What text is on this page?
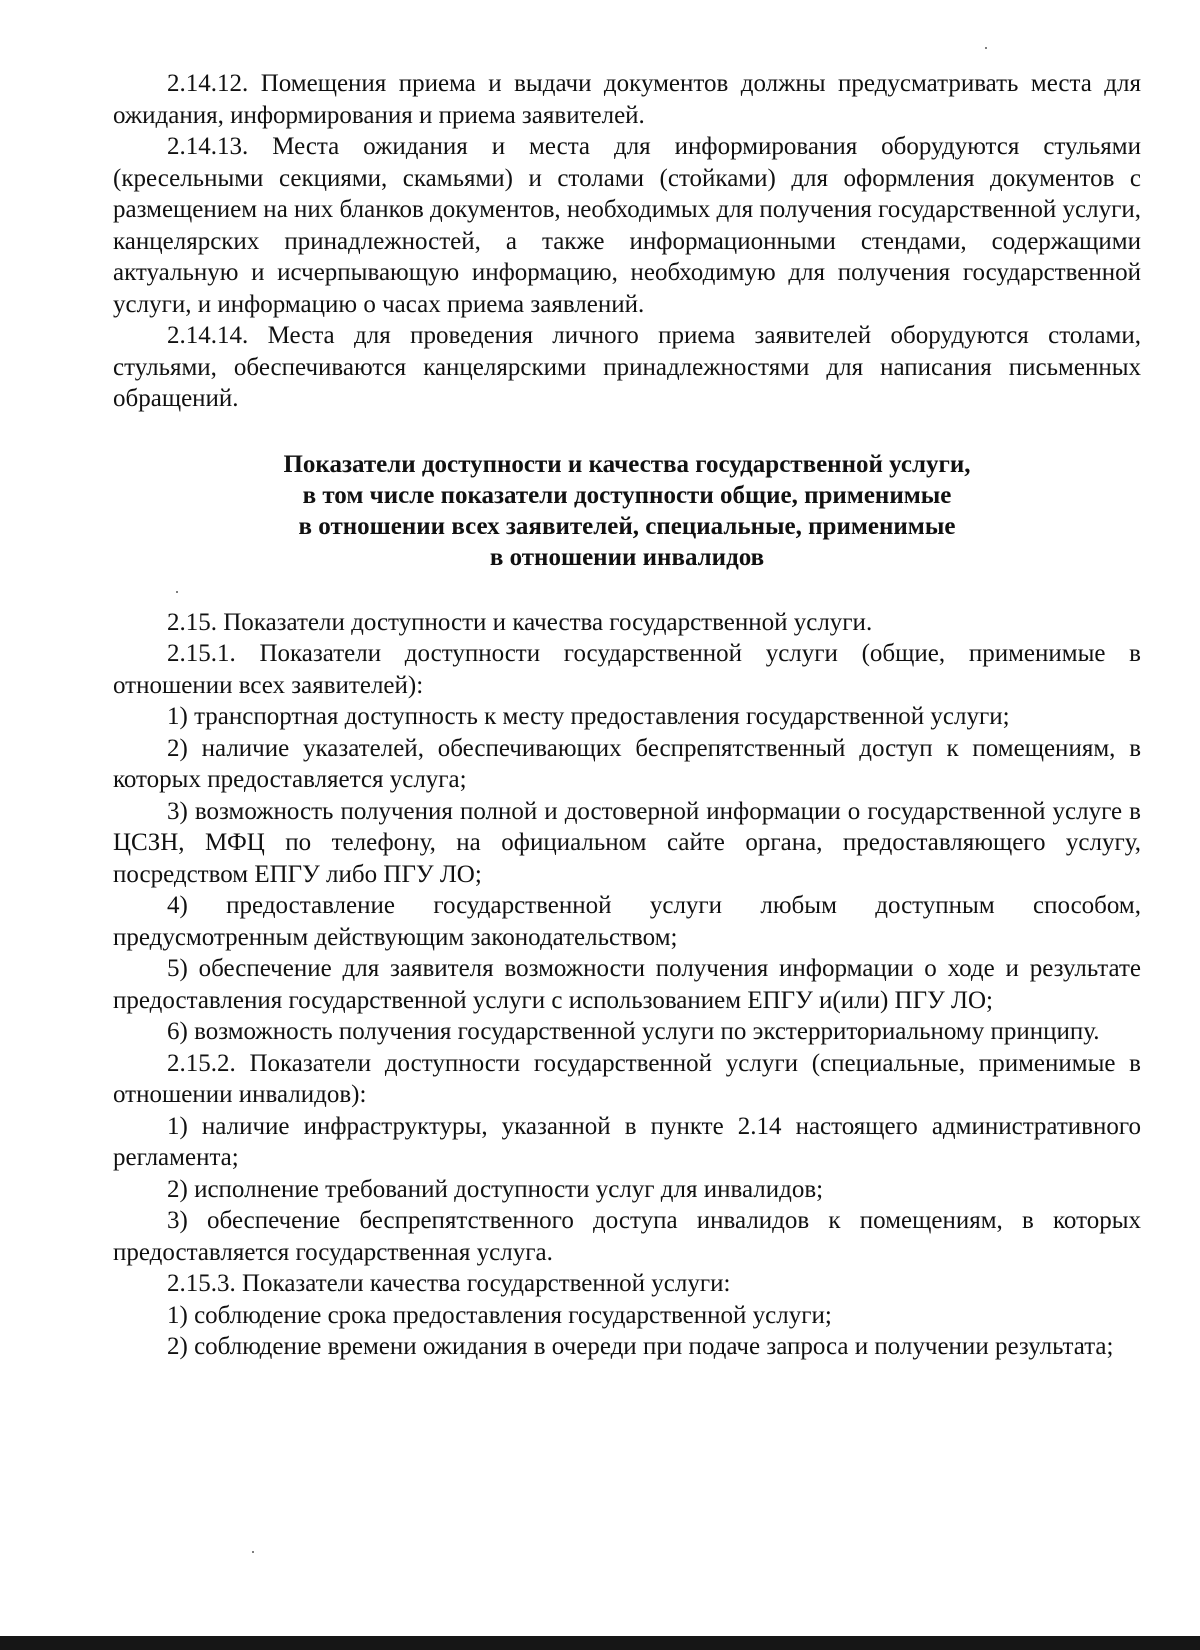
2.14.12. Помещения приема и выдачи документов должны предусматривать места для ожидания, информирования и приема заявителей.

2.14.13. Места ожидания и места для информирования оборудуются стульями (кресельными секциями, скамьями) и столами (стойками) для оформления документов с размещением на них бланков документов, необходимых для получения государственной услуги, канцелярских принадлежностей, а также информационными стендами, содержащими актуальную и исчерпывающую информацию, необходимую для получения государственной услуги, и информацию о часах приема заявлений.

2.14.14. Места для проведения личного приема заявителей оборудуются столами, стульями, обеспечиваются канцелярскими принадлежностями для написания письменных обращений.

Показатели доступности и качества государственной услуги,
в том числе показатели доступности общие, применимые
в отношении всех заявителей, специальные, применимые
в отношении инвалидов

2.15. Показатели доступности и качества государственной услуги.

2.15.1. Показатели доступности государственной услуги (общие, применимые в отношении всех заявителей):

1) транспортная доступность к месту предоставления государственной услуги;

2) наличие указателей, обеспечивающих беспрепятственный доступ к помещениям, в которых предоставляется услуга;

3) возможность получения полной и достоверной информации о государственной услуге в ЦСЗН, МФЦ по телефону, на официальном сайте органа, предоставляющего услугу, посредством ЕПГУ либо ПГУ ЛО;

4) предоставление государственной услуги любым доступным способом, предусмотренным действующим законодательством;

5) обеспечение для заявителя возможности получения информации о ходе и результате предоставления государственной услуги с использованием ЕПГУ и(или) ПГУ ЛО;

6) возможность получения государственной услуги по экстерриториальному принципу.

2.15.2. Показатели доступности государственной услуги (специальные, применимые в отношении инвалидов):

1) наличие инфраструктуры, указанной в пункте 2.14 настоящего административного регламента;

2) исполнение требований доступности услуг для инвалидов;

3) обеспечение беспрепятственного доступа инвалидов к помещениям, в которых предоставляется государственная услуга.

2.15.3. Показатели качества государственной услуги:

1) соблюдение срока предоставления государственной услуги;

2) соблюдение времени ожидания в очереди при подаче запроса и получении результата;
